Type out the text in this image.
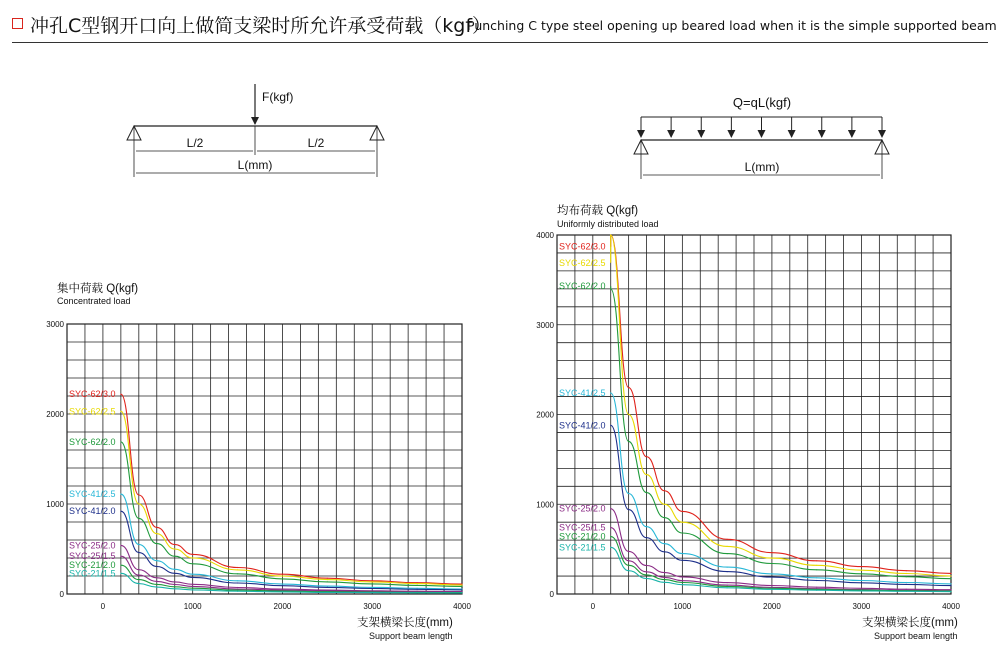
冲孔C型钢开口向上做简支梁时所允许承受荷载（kgf）
Punching C type steel opening up beared load when it is the simple supported beam
F(kgf)
L/2	L/2
L(mm)
Q=qL(kgf)
L(mm)
0	1000	2000	3000	4000
0
1000
2000
3000
集中荷载 Q(kgf)
Concentrated load
支架横梁长度(mm)
Support beam length
SYC-62/3.0
SYC-62/2.5
SYC-62/2.0
SYC-41/2.5
SYC-41/2.0
SYC-25/2.0
SYC-25/1.5
SYC-21/2.0
SYC-21/1.5
0	1000	2000	3000	4000
0
1000
2000
3000
4000
均布荷载 Q(kgf)
Uniformly distributed load
支架横梁长度(mm)
Support beam length
SYC-62/3.0
SYC-62/2.5
SYC-62/2.0
SYC-41/2.5
SYC-41/2.0
SYC-25/2.0
SYC-25/1.5
SYC-21/2.0
SYC-21/1.5
